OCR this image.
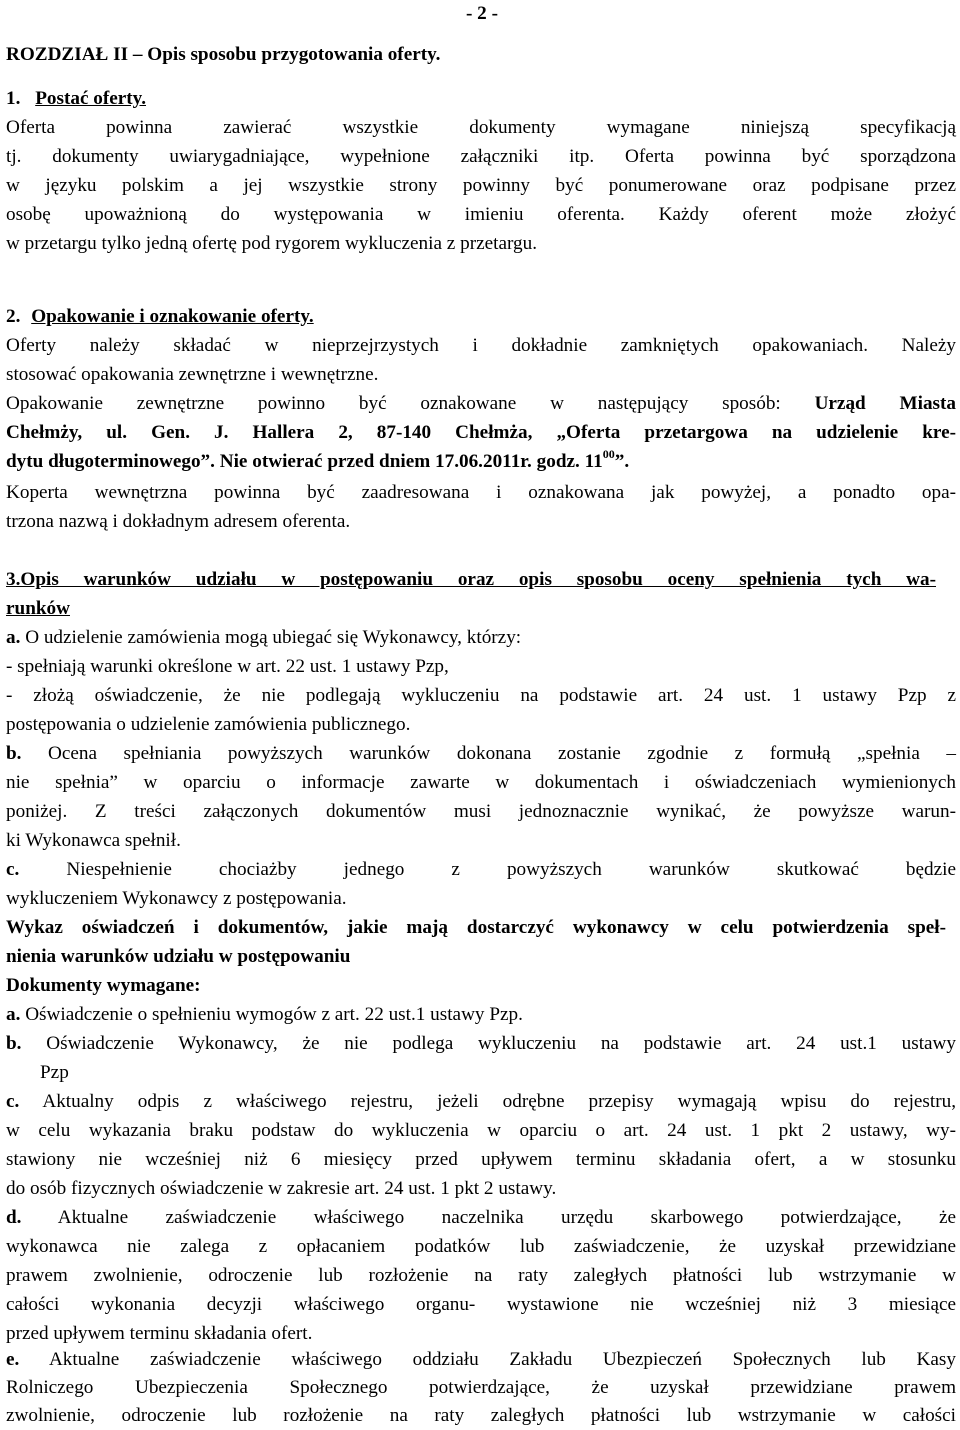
- 2 -
ROZDZIAŁ II – Opis sposobu przygotowania oferty.
1. Postać oferty.
Oferta powinna zawierać wszystkie dokumenty wymagane niniejszą specyfikacją
tj. dokumenty uwiarygadniające, wypełnione załączniki itp. Oferta powinna być sporządzona
w języku polskim a jej wszystkie strony powinny być ponumerowane oraz podpisane przez
osobę upoważnioną do występowania w imieniu oferenta. Każdy oferent może złożyć
w przetargu tylko jedną ofertę pod rygorem wykluczenia z przetargu.
2. Opakowanie i oznakowanie oferty.
Oferty należy składać w nieprzejrzystych i dokładnie zamkniętych opakowaniach. Należy
stosować opakowania zewnętrzne i wewnętrzne.
Opakowanie zewnętrzne powinno być oznakowane w następujący sposób: Urząd Miasta
Chełmży, ul. Gen. J. Hallera 2, 87-140 Chełmża, „Oferta przetargowa na udzielenie kre-
dytu długoterminowego”. Nie otwierać przed dniem 17.06.2011r. godz. $11^{00}$”.
Koperta wewnętrzna powinna być zaadresowana i oznakowana jak powyżej, a ponadto opa-
trzona nazwą i dokładnym adresem oferenta.
3.Opis warunków udziału w postępowaniu oraz opis sposobu oceny spełnienia tych wa-
runków
a. O udzielenie zamówienia mogą ubiegać się Wykonawcy, którzy:
- spełniają warunki określone w art. 22 ust. 1 ustawy Pzp,
- złożą oświadczenie, że nie podlegają wykluczeniu na podstawie art. 24 ust. 1 ustawy Pzp z
postępowania o udzielenie zamówienia publicznego.
b. Ocena spełniania powyższych warunków dokonana zostanie zgodnie z formułą „spełnia –
nie spełnia” w oparciu o informacje zawarte w dokumentach i oświadczeniach wymienionych
poniżej. Z treści załączonych dokumentów musi jednoznacznie wynikać, że powyższe warun-
ki Wykonawca spełnił.
c. Niespełnienie chociażby jednego z powyższych warunków skutkować będzie
wykluczeniem Wykonawcy z postępowania.
Wykaz oświadczeń i dokumentów, jakie mają dostarczyć wykonawcy w celu potwierdzenia speł-
nienia warunków udziału w postępowaniu
Dokumenty wymagane:
a. Oświadczenie o spełnieniu wymogów z art. 22 ust.1 ustawy Pzp.
b. Oświadczenie Wykonawcy, że nie podlega wykluczeniu na podstawie art. 24 ust.1 ustawy
Pzp
c. Aktualny odpis z właściwego rejestru, jeżeli odrębne przepisy wymagają wpisu do rejestru,
w celu wykazania braku podstaw do wykluczenia w oparciu o art. 24 ust. 1 pkt 2 ustawy, wy-
stawiony nie wcześniej niż 6 miesięcy przed upływem terminu składania ofert, a w stosunku
do osób fizycznych oświadczenie w zakresie art. 24 ust. 1 pkt 2 ustawy.
d. Aktualne zaświadczenie właściwego naczelnika urzędu skarbowego potwierdzające, że
wykonawca nie zalega z opłacaniem podatków lub zaświadczenie, że uzyskał przewidziane
prawem zwolnienie, odroczenie lub rozłożenie na raty zaległych płatności lub wstrzymanie w
całości wykonania decyzji właściwego organu- wystawione nie wcześniej niż 3 miesiące
przed upływem terminu składania ofert.
e. Aktualne zaświadczenie właściwego oddziału Zakładu Ubezpieczeń Społecznych lub Kasy
Rolniczego Ubezpieczenia Społecznego potwierdzające, że uzyskał przewidziane prawem
zwolnienie, odroczenie lub rozłożenie na raty zaległych płatności lub wstrzymanie w całości
